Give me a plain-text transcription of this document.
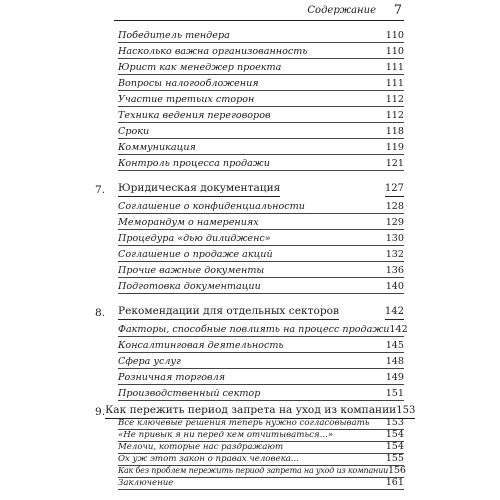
Содержание 7
Победитель тендера	110
Насколько важна организованность	110
Юрист как менеджер проекта	111
Вопросы налогообложения	111
Участие третьих сторон	112
Техника ведения переговоров	112
Сроки	118
Коммуникация	119
Контроль процесса продажи	121
7.	Юридическая документация	127
Соглашение о конфиденциальности	128
Меморандум о намерениях	129
Процедура «дью дилидженс»	130
Соглашение о продаже акций	132
Прочие важные документы	136
Подготовка документации	140
8.	Рекомендации для отдельных секторов	142
Факторы, способные повлиять на процесс продажи 142
Консалтинговая деятельность	145
Сфера услуг	148
Розничная торговля	149
Производственный сектор	151
9. Как пережить период запрета на уход из компании 153
Все ключевые решения теперь нужно согласовывать 153
«Не привык я ни перед кем отчитываться...»	154
Мелочи, которые нас раздражают	154
Ох уж этот закон о правах человека...	155
Как без проблем пережить период запрета на уход из компании 156
Заключение	161
